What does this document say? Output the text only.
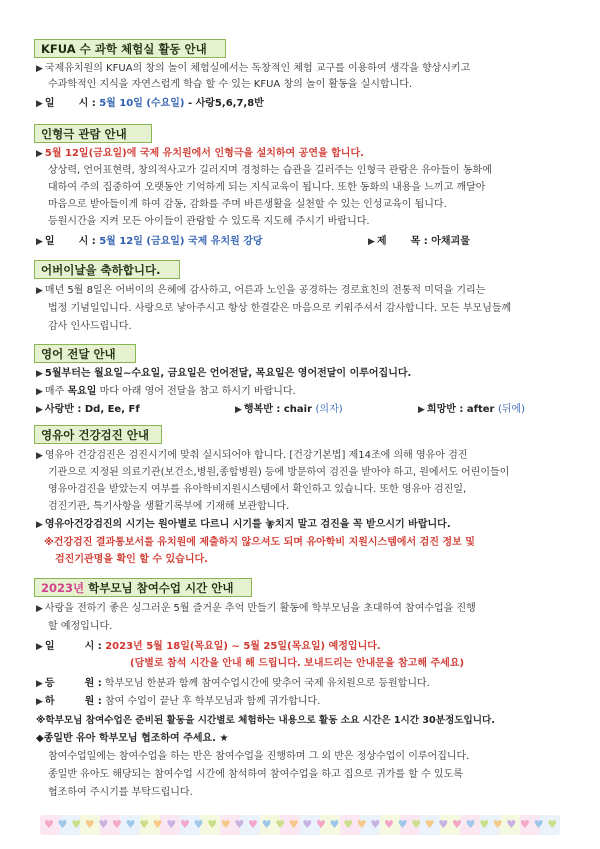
KFUA 수 과학 체험실 활동 안내
▶ 국제유치원의 KFUA의 창의 놀이 체험실에서는 독창적인 체험 교구를 이용하여 생각을 향상시키고
수과학적인 지식을 자연스럽게 학습 할 수 있는 KFUA 창의 놀이 활동을 실시합니다.
▶ 일 시 : 5월 10일 (수요일) - 사랑5,6,7,8반
인형극 관람 안내
▶ 5월 12일(금요일)에 국제 유치원에서 인형극을 설치하여 공연을 합니다.
상상력, 언어표현력, 창의적사고가 길러지며 경청하는 습관을 길러주는 인형극 관람은 유아들이 동화에
대하여 주의 집중하여 오랫동안 기억하게 되는 지식교육이 됩니다. 또한 동화의 내용을 느끼고 깨달아
마음으로 받아들이게 하여 감동, 감화를 주며 바른생활을 실천할 수 있는 인성교육이 됩니다.
등원시간을 지켜 모든 아이들이 관람할 수 있도록 지도해 주시기 바랍니다.
▶ 일 시 : 5월 12일 (금요일) 국제 유치원 강당	▶ 제 목 : 아채괴물
어버이날을 축하합니다.
▶ 매년 5월 8일은 어버이의 은혜에 감사하고, 어른과 노인을 공경하는 경로효친의 전통적 미덕을 기리는
법정 기념일입니다. 사랑으로 낳아주시고 항상 한결같은 마음으로 키워주셔서 감사합니다. 모든 부모님들께
감사 인사드립니다.
영어 전달 안내
▶ 5월부터는 월요일~수요일, 금요일은 언어전달, 목요일은 영어전달이 이루어집니다.
▶ 매주 목요일 마다 아래 영어 전달을 참고 하시기 바랍니다.
▶ 사랑반 : Dd, Ee, Ff	▶ 행복반 : chair (의자)	▶ 희망반 : after (뒤에)
영유아 건강검진 안내
▶ 영유아 건강검진은 검진시기에 맞춰 실시되어야 합니다. [건강기본법] 제14조에 의해 영유아 검진
기관으로 지정된 의료기관(보건소,병원,종합병원) 등에 방문하여 검진을 받아야 하고, 원에서도 어린이들이
영유아검진을 받았는지 여부를 유아학비지원시스템에서 확인하고 있습니다. 또한 영유아 검진일,
검진기관, 특기사항을 생활기록부에 기재해 보관합니다.
▶ 영유아건강검진의 시기는 원아별로 다르니 시기를 놓치지 말고 검진을 꼭 받으시기 바랍니다.
※건강검진 결과통보서를 유치원에 제출하지 않으셔도 되며 유아학비 지원시스템에서 검진 정보 및
검진기관명을 확인 할 수 있습니다.
2023년 학부모님 참여수업 시간 안내
▶ 사랑을 전하기 좋은 싱그러운 5월 즐거운 추억 만들기 활동에 학부모님을 초대하여 참여수업을 진행
할 예정입니다.
▶ 일	시 : 2023년 5월 18일(목요일) ~ 5월 25일(목요일) 예정입니다.
(담별로 참석 시간을 안내 해 드립니다. 보내드리는 안내문을 참고해 주세요)
▶ 등	원 : 학부모님 한분과 함께 참여수업시간에 맞추어 국제 유치원으로 등원합니다.
▶ 하	원 : 참여 수업이 끝난 후 학부모님과 함께 귀가합니다.
※학부모님 참여수업은 준비된 활동을 시간별로 체험하는 내용으로 활동 소요 시간은 1시간 30분정도입니다.
◆종일반 유아 학부모님 협조하여 주세요. ★
참여수업일에는 참여수업을 하는 반은 참여수업을 진행하며 그 외 반은 정상수업이 이루어집니다.
종일반 유아도 해당되는 참여수업 시간에 참석하여 참여수업을 하고 집으로 귀가를 할 수 있도록
협조하여 주시기를 부탁드립니다.
♥ ♥ ♥ ♥ ♥ ♥ ♥ ♥ ♥ ♥ ♥ ♥ ♥ ♥ ♥ ♥ ♥ ♥ ♥ ♥ ♥ ♥ ♥ ♥ ♥ ♥ ♥ ♥ ♥ ♥ ♥ ♥ ♥ ♥ ♥ ♥ ♥ ♥
